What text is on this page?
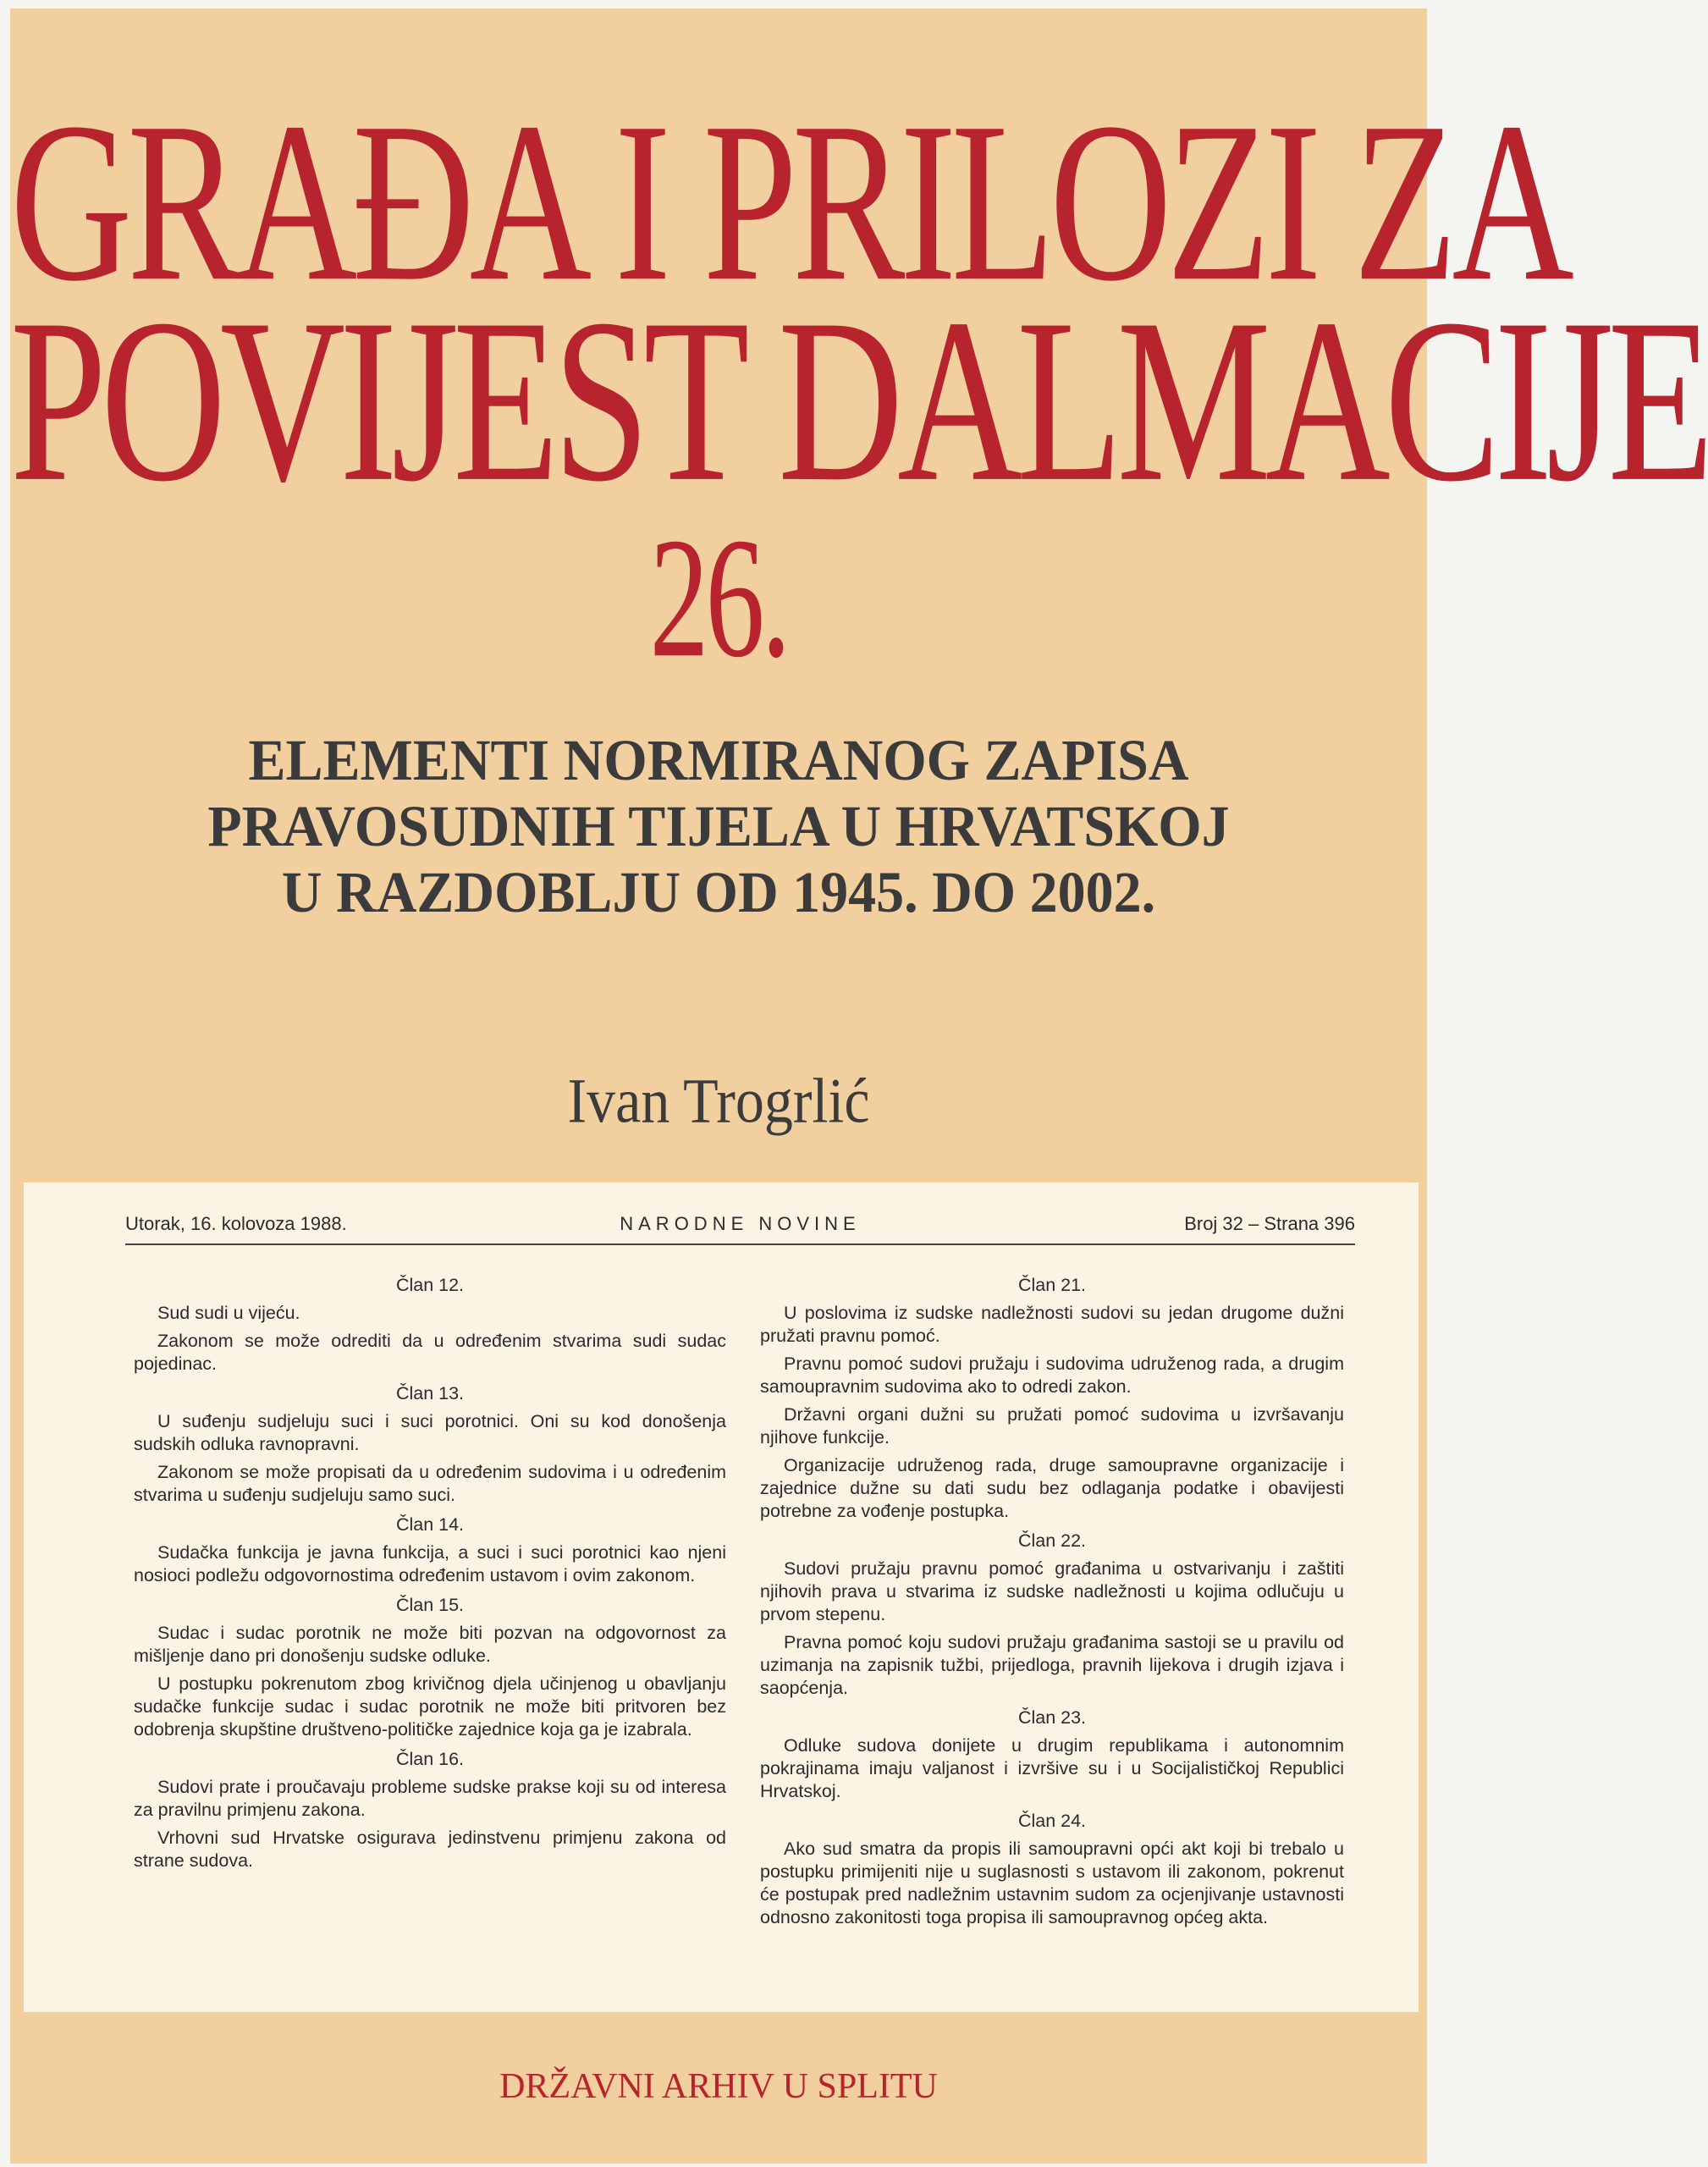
GRAĐA I PRILOZI ZA
POVIJEST DALMACIJE
26.
ELEMENTI NORMIRANOG ZAPISA
PRAVOSUDNIH TIJELA U HRVATSKOJ
U RAZDOBLJU OD 1945. DO 2002.
Ivan Trogrlić
DRŽAVNI ARHIV U SPLITU
Utorak, 16. kolovoza 1988.	NARODNE NOVINE	Broj 32 – Strana 396
Član 12.

Sud sudi u vijeću.

Zakonom se može odrediti da u određenim stvarima sudi sudac pojedinac.

Član 13.

U suđenju sudjeluju suci i suci porotnici. Oni su kod donošenja sudskih odluka ravnopravni.

Zakonom se može propisati da u određenim sudovima i u određenim stvarima u suđenju sudjeluju samo suci.

Član 14.

Sudačka funkcija je javna funkcija, a suci i suci porotnici kao njeni nosioci podležu odgovornostima određenim ustavom i ovim zakonom.

Član 15.

Sudac i sudac porotnik ne može biti pozvan na odgovornost za mišljenje dano pri donošenju sudske odluke.

U postupku pokrenutom zbog krivičnog djela učinjenog u obavljanju sudačke funkcije sudac i sudac porotnik ne može biti pritvoren bez odobrenja skupštine društveno-političke zajednice koja ga je izabrala.

Član 16.

Sudovi prate i proučavaju probleme sudske prakse koji su od interesa za pravilnu primjenu zakona.

Vrhovni sud Hrvatske osigurava jedinstvenu primjenu zakona od strane sudova.

Član 21.

U poslovima iz sudske nadležnosti sudovi su jedan drugome dužni pružati pravnu pomoć.

Pravnu pomoć sudovi pružaju i sudovima udruženog rada, a drugim samoupravnim sudovima ako to odredi zakon.

Državni organi dužni su pružati pomoć sudovima u izvršavanju njihove funkcije.

Organizacije udruženog rada, druge samoupravne organizacije i zajednice dužne su dati sudu bez odlaganja podatke i obavijesti potrebne za vođenje postupka.

Član 22.

Sudovi pružaju pravnu pomoć građanima u ostvarivanju i zaštiti njihovih prava u stvarima iz sudske nadležnosti u kojima odlučuju u prvom stepenu.

Pravna pomoć koju sudovi pružaju građanima sastoji se u pravilu od uzimanja na zapisnik tužbi, prijedloga, pravnih lijekova i drugih izjava i saopćenja.

Član 23.

Odluke sudova donijete u drugim republikama i autonomnim pokrajinama imaju valjanost i izvršive su i u Socijalističkoj Republici Hrvatskoj.

Član 24.

Ako sud smatra da propis ili samoupravni opći akt koji bi trebalo u postupku primijeniti nije u suglasnosti s ustavom ili zakonom, pokrenut će postupak pred nadležnim ustavnim sudom za ocjenjivanje ustavnosti odnosno zakonitosti toga propisa ili samoupravnog općeg akta.
